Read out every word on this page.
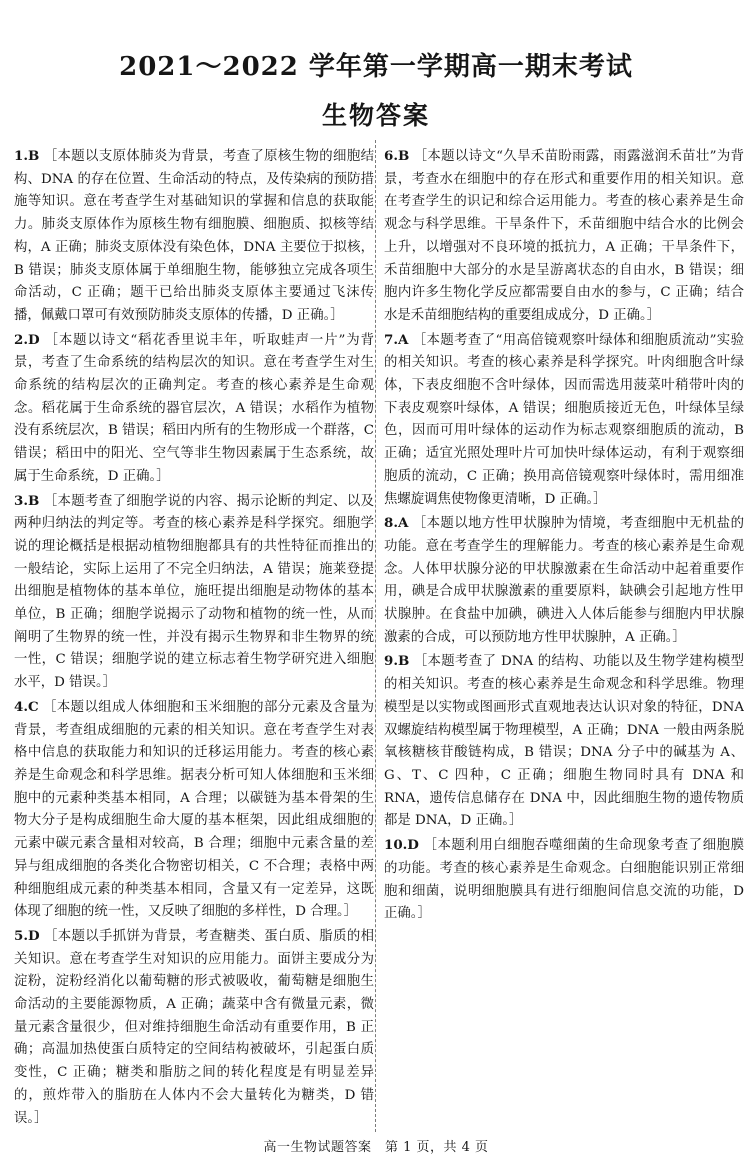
2021～2022 学年第一学期高一期末考试
生物答案

1.B ［本题以支原体肺炎为背景，考查了原核生物的细胞结构、DNA 的存在位置、生命活动的特点，及传染病的预防措施等知识。意在考查学生对基础知识的掌握和信息的获取能力。肺炎支原体作为原核生物有细胞膜、细胞质、拟核等结构，A 正确；肺炎支原体没有染色体，DNA 主要位于拟核，B 错误；肺炎支原体属于单细胞生物，能够独立完成各项生命活动，C 正确；题干已给出肺炎支原体主要通过飞沫传播，佩戴口罩可有效预防肺炎支原体的传播，D 正确。］

2.D ［本题以诗文“稻花香里说丰年，听取蛙声一片”为背景，考查了生命系统的结构层次的知识。意在考查学生对生命系统的结构层次的正确判定。考查的核心素养是生命观念。稻花属于生命系统的器官层次，A 错误；水稻作为植物没有系统层次，B 错误；稻田内所有的生物形成一个群落，C 错误；稻田中的阳光、空气等非生物因素属于生态系统，故属于生命系统，D 正确。］

3.B ［本题考查了细胞学说的内容、揭示论断的判定、以及两种归纳法的判定等。考查的核心素养是科学探究。细胞学说的理论概括是根据动植物细胞都具有的共性特征而推出的一般结论，实际上运用了不完全归纳法，A 错误；施莱登提出细胞是植物体的基本单位，施旺提出细胞是动物体的基本单位，B 正确；细胞学说揭示了动物和植物的统一性，从而阐明了生物界的统一性，并没有揭示生物界和非生物界的统一性，C 错误；细胞学说的建立标志着生物学研究进入细胞水平，D 错误。］

4.C ［本题以组成人体细胞和玉米细胞的部分元素及含量为背景，考查组成细胞的元素的相关知识。意在考查学生对表格中信息的获取能力和知识的迁移运用能力。考查的核心素养是生命观念和科学思维。据表分析可知人体细胞和玉米细胞中的元素种类基本相同，A 合理；以碳链为基本骨架的生物大分子是构成细胞生命大厦的基本框架，因此组成细胞的元素中碳元素含量相对较高，B 合理；细胞中元素含量的差异与组成细胞的各类化合物密切相关，C 不合理；表格中两种细胞组成元素的种类基本相同，含量又有一定差异，这既体现了细胞的统一性，又反映了细胞的多样性，D 合理。］

5.D ［本题以手抓饼为背景，考查糖类、蛋白质、脂质的相关知识。意在考查学生对知识的应用能力。面饼主要成分为淀粉，淀粉经消化以葡萄糖的形式被吸收，葡萄糖是细胞生命活动的主要能源物质，A 正确；蔬菜中含有微量元素，微量元素含量很少，但对维持细胞生命活动有重要作用，B 正确；高温加热使蛋白质特定的空间结构被破坏，引起蛋白质变性，C 正确；糖类和脂肪之间的转化程度是有明显差异的，煎炸带入的脂肪在人体内不会大量转化为糖类，D 错误。］

6.B ［本题以诗文“久旱禾苗盼雨露，雨露滋润禾苗壮”为背景，考查水在细胞中的存在形式和重要作用的相关知识。意在考查学生的识记和综合运用能力。考查的核心素养是生命观念与科学思维。干旱条件下，禾苗细胞中结合水的比例会上升，以增强对不良环境的抵抗力，A 正确；干旱条件下，禾苗细胞中大部分的水是呈游离状态的自由水，B 错误；细胞内许多生物化学反应都需要自由水的参与，C 正确；结合水是禾苗细胞结构的重要组成成分，D 正确。］

7.A ［本题考查了“用高倍镜观察叶绿体和细胞质流动”实验的相关知识。考查的核心素养是科学探究。叶肉细胞含叶绿体，下表皮细胞不含叶绿体，因而需选用菠菜叶稍带叶肉的下表皮观察叶绿体，A 错误；细胞质接近无色，叶绿体呈绿色，因而可用叶绿体的运动作为标志观察细胞质的流动，B 正确；适宜光照处理叶片可加快叶绿体运动，有利于观察细胞质的流动，C 正确；换用高倍镜观察叶绿体时，需用细准焦螺旋调焦使物像更清晰，D 正确。］

8.A ［本题以地方性甲状腺肿为情境，考查细胞中无机盐的功能。意在考查学生的理解能力。考查的核心素养是生命观念。人体甲状腺分泌的甲状腺激素在生命活动中起着重要作用，碘是合成甲状腺激素的重要原料，缺碘会引起地方性甲状腺肿。在食盐中加碘，碘进入人体后能参与细胞内甲状腺激素的合成，可以预防地方性甲状腺肿，A 正确。］

9.B ［本题考查了 DNA 的结构、功能以及生物学建构模型的相关知识。考查的核心素养是生命观念和科学思维。物理模型是以实物或图画形式直观地表达认识对象的特征，DNA 双螺旋结构模型属于物理模型，A 正确；DNA 一般由两条脱氧核糖核苷酸链构成，B 错误；DNA 分子中的碱基为 A、G、T、C 四种，C 正确；细胞生物同时具有 DNA 和 RNA，遗传信息储存在 DNA 中，因此细胞生物的遗传物质都是 DNA，D 正确。］

10.D ［本题利用白细胞吞噬细菌的生命现象考查了细胞膜的功能。考查的核心素养是生命观念。白细胞能识别正常细胞和细菌，说明细胞膜具有进行细胞间信息交流的功能，D 正确。］

高一生物试题答案　第 1 页，共 4 页
